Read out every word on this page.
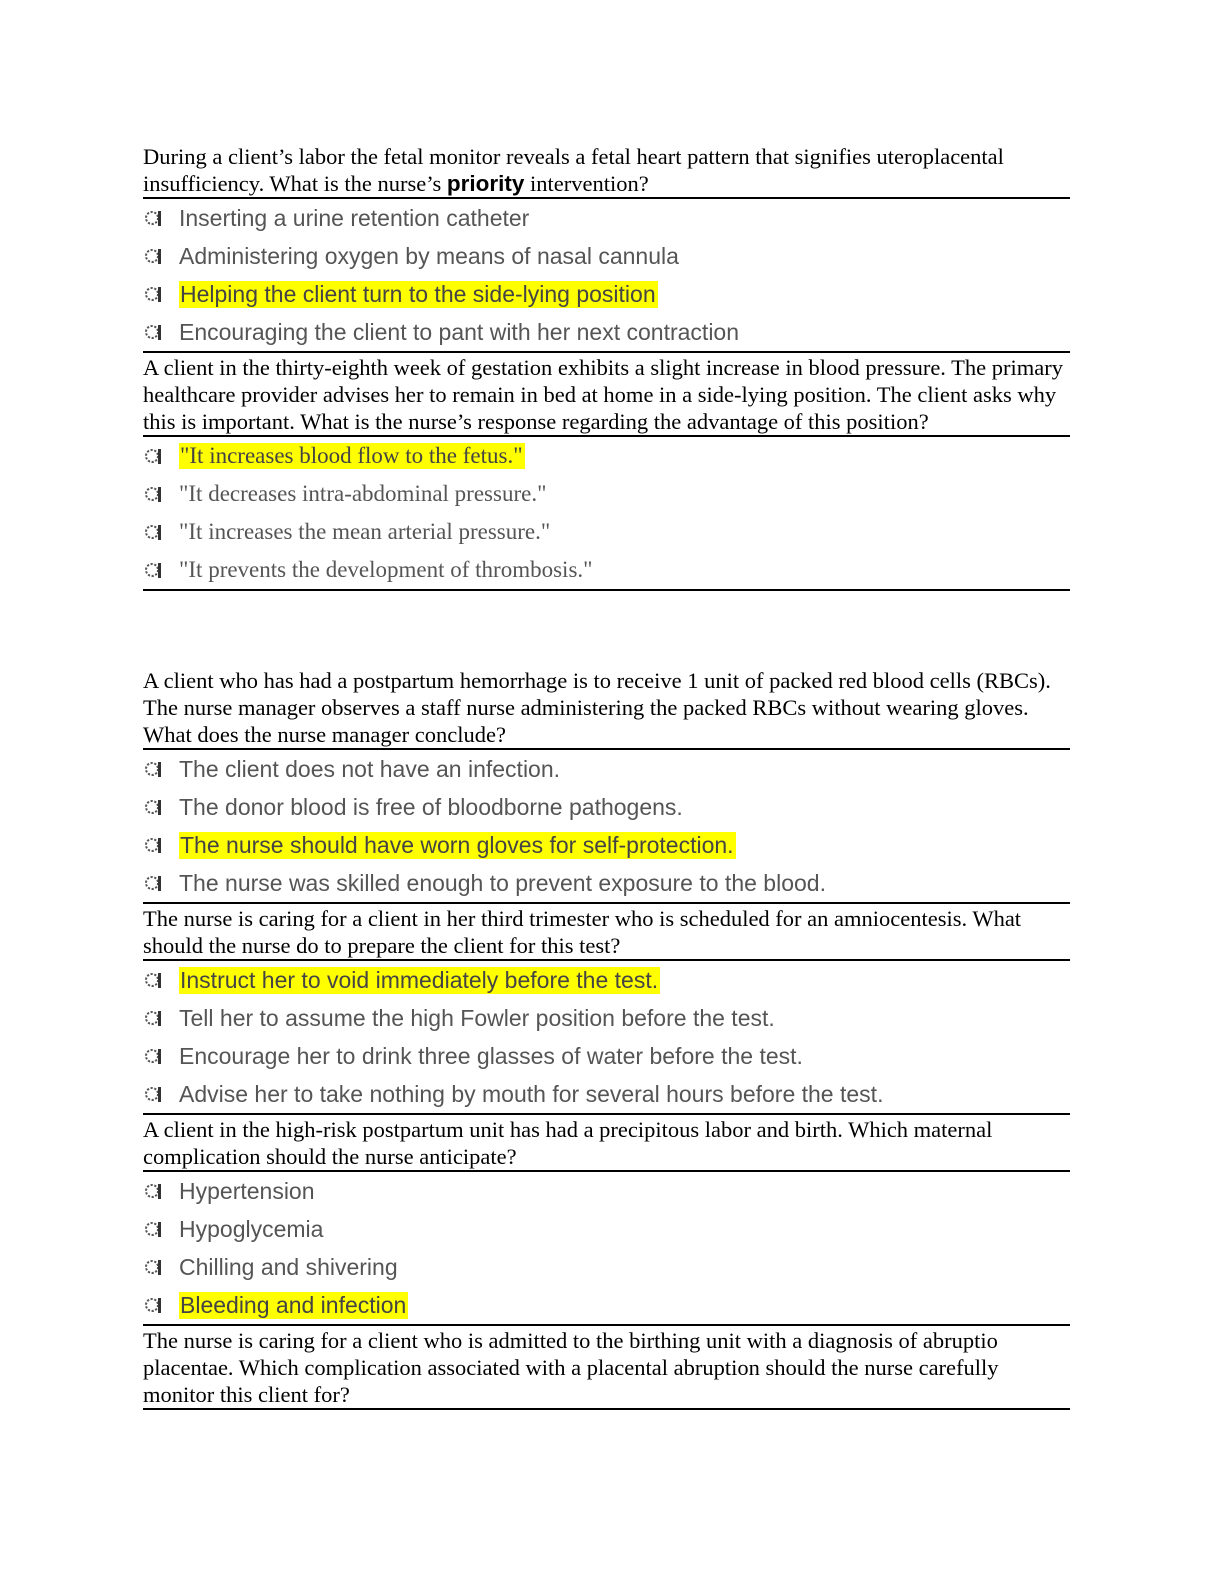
During a client’s labor the fetal monitor reveals a fetal heart pattern that signifies uteroplacental insufficiency. What is the nurse’s priority intervention?
Inserting a urine retention catheter
Administering oxygen by means of nasal cannula
Helping the client turn to the side-lying position
Encouraging the client to pant with her next contraction
A client in the thirty-eighth week of gestation exhibits a slight increase in blood pressure. The primary healthcare provider advises her to remain in bed at home in a side-lying position. The client asks why this is important. What is the nurse’s response regarding the advantage of this position?
"It increases blood flow to the fetus."
"It decreases intra-abdominal pressure."
"It increases the mean arterial pressure."
"It prevents the development of thrombosis."
A client who has had a postpartum hemorrhage is to receive 1 unit of packed red blood cells (RBCs). The nurse manager observes a staff nurse administering the packed RBCs without wearing gloves. What does the nurse manager conclude?
The client does not have an infection.
The donor blood is free of bloodborne pathogens.
The nurse should have worn gloves for self-protection.
The nurse was skilled enough to prevent exposure to the blood.
The nurse is caring for a client in her third trimester who is scheduled for an amniocentesis. What should the nurse do to prepare the client for this test?
Instruct her to void immediately before the test.
Tell her to assume the high Fowler position before the test.
Encourage her to drink three glasses of water before the test.
Advise her to take nothing by mouth for several hours before the test.
A client in the high-risk postpartum unit has had a precipitous labor and birth. Which maternal complication should the nurse anticipate?
Hypertension
Hypoglycemia
Chilling and shivering
Bleeding and infection
The nurse is caring for a client who is admitted to the birthing unit with a diagnosis of abruptio placentae. Which complication associated with a placental abruption should the nurse carefully monitor this client for?
